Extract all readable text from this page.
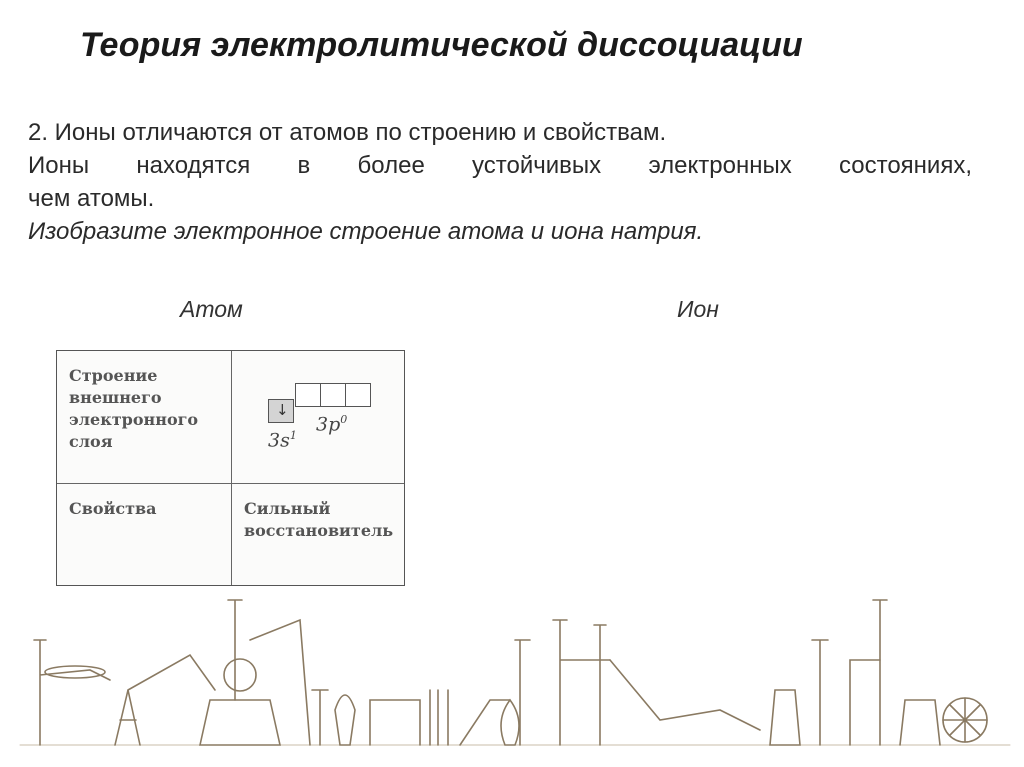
Теория электролитической диссоциации
2. Ионы отличаются от атомов по строению и свойствам.
Ионы находятся в более устойчивых электронных состояниях,
чем атомы.
Изобразите электронное строение атома и иона натрия.
Атом	Ион
Строение
внешнего
электронного
слоя
↓
$3s^1$
$3p^0$
Свойства	Сильный
восстановитель
